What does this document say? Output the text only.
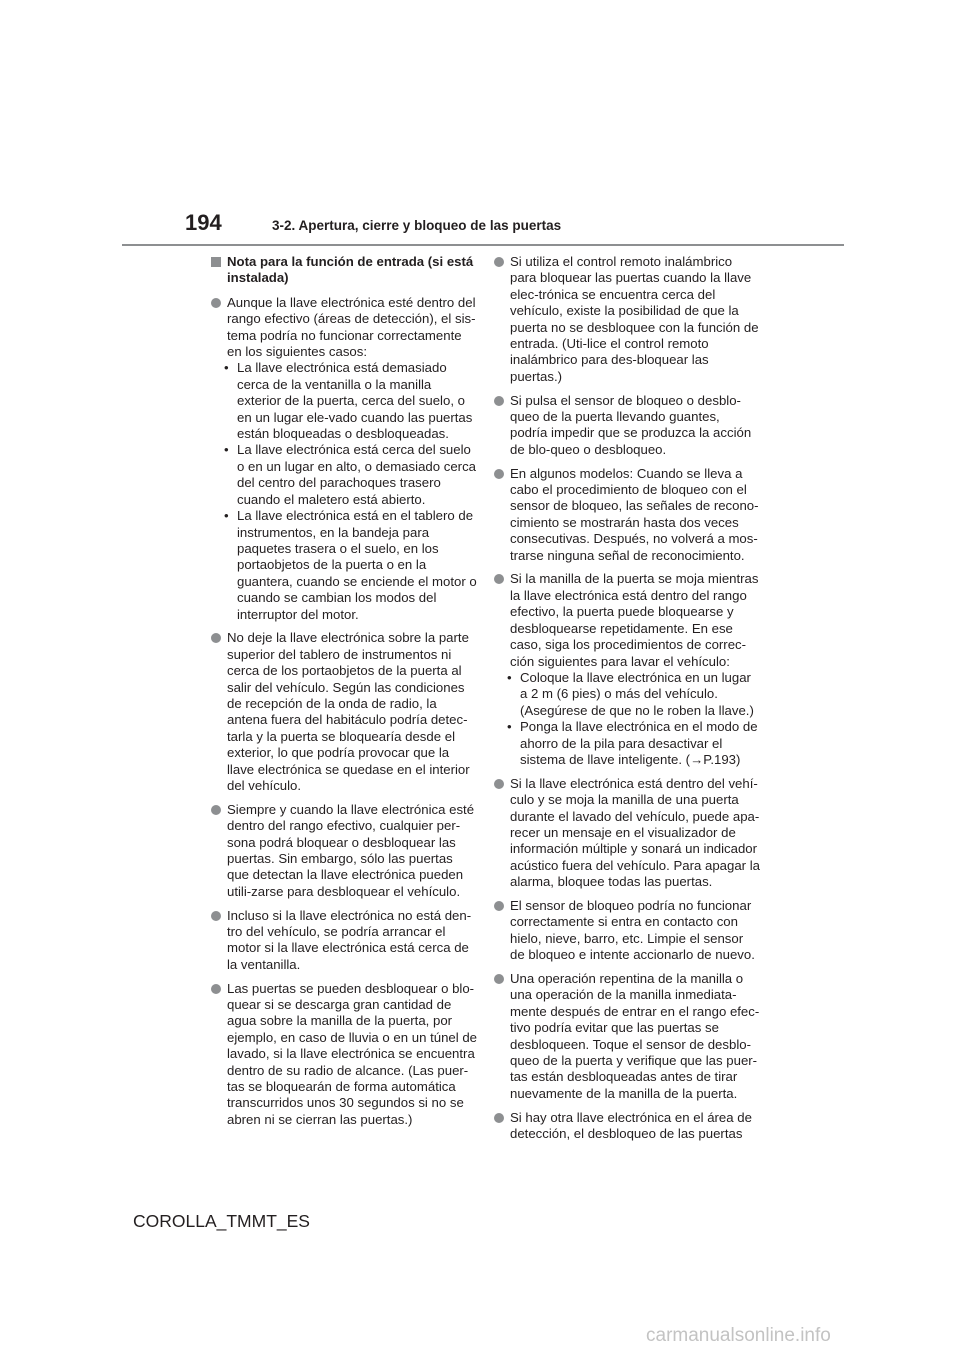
194	3-2. Apertura, cierre y bloqueo de las puertas
Nota para la función de entrada (si está instalada)
Aunque la llave electrónica esté dentro del rango efectivo (áreas de detección), el sis-tema podría no funcionar correctamente en los siguientes casos:
• La llave electrónica está demasiado cerca de la ventanilla o la manilla exterior de la puerta, cerca del suelo, o en un lugar ele-vado cuando las puertas están bloqueadas o desbloqueadas.
• La llave electrónica está cerca del suelo o en un lugar en alto, o demasiado cerca del centro del parachoques trasero cuando el maletero está abierto.
• La llave electrónica está en el tablero de instrumentos, en la bandeja para paquetes trasera o el suelo, en los portaobjetos de la puerta o en la guantera, cuando se enciende el motor o cuando se cambian los modos del interruptor del motor.
No deje la llave electrónica sobre la parte superior del tablero de instrumentos ni cerca de los portaobjetos de la puerta al salir del vehículo. Según las condiciones de recepción de la onda de radio, la antena fuera del habitáculo podría detec-tarla y la puerta se bloquearía desde el exterior, lo que podría provocar que la llave electrónica se quedase en el interior del vehículo.
Siempre y cuando la llave electrónica esté dentro del rango efectivo, cualquier per-sona podrá bloquear o desbloquear las puertas. Sin embargo, sólo las puertas que detectan la llave electrónica pueden utili-zarse para desbloquear el vehículo.
Incluso si la llave electrónica no está den-tro del vehículo, se podría arrancar el motor si la llave electrónica está cerca de la ventanilla.
Las puertas se pueden desbloquear o blo-quear si se descarga gran cantidad de agua sobre la manilla de la puerta, por ejemplo, en caso de lluvia o en un túnel de lavado, si la llave electrónica se encuentra dentro de su radio de alcance. (Las puer-tas se bloquearán de forma automática transcurridos unos 30 segundos si no se abren ni se cierran las puertas.)
Si utiliza el control remoto inalámbrico para bloquear las puertas cuando la llave elec-trónica se encuentra cerca del vehículo, existe la posibilidad de que la puerta no se desbloquee con la función de entrada. (Uti-lice el control remoto inalámbrico para des-bloquear las puertas.)
Si pulsa el sensor de bloqueo o desblo-queo de la puerta llevando guantes, podría impedir que se produzca la acción de blo-queo o desbloqueo.
En algunos modelos: Cuando se lleva a cabo el procedimiento de bloqueo con el sensor de bloqueo, las señales de recono-cimiento se mostrarán hasta dos veces consecutivas. Después, no volverá a mos-trarse ninguna señal de reconocimiento.
Si la manilla de la puerta se moja mientras la llave electrónica está dentro del rango efectivo, la puerta puede bloquearse y desbloquearse repetidamente. En ese caso, siga los procedimientos de correc-ción siguientes para lavar el vehículo:
• Coloque la llave electrónica en un lugar a 2 m (6 pies) o más del vehículo. (Asegúrese de que no le roben la llave.)
• Ponga la llave electrónica en el modo de ahorro de la pila para desactivar el sistema de llave inteligente. (→P.193)
Si la llave electrónica está dentro del vehí-culo y se moja la manilla de una puerta durante el lavado del vehículo, puede apa-recer un mensaje en el visualizador de información múltiple y sonará un indicador acústico fuera del vehículo. Para apagar la alarma, bloquee todas las puertas.
El sensor de bloqueo podría no funcionar correctamente si entra en contacto con hielo, nieve, barro, etc. Limpie el sensor de bloqueo e intente accionarlo de nuevo.
Una operación repentina de la manilla o una operación de la manilla inmediata-mente después de entrar en el rango efec-tivo podría evitar que las puertas se desbloqueen. Toque el sensor de desblo-queo de la puerta y verifique que las puer-tas están desbloqueadas antes de tirar nuevamente de la manilla de la puerta.
Si hay otra llave electrónica en el área de detección, el desbloqueo de las puertas
COROLLA_TMMT_ES
carmanualsonline.info
